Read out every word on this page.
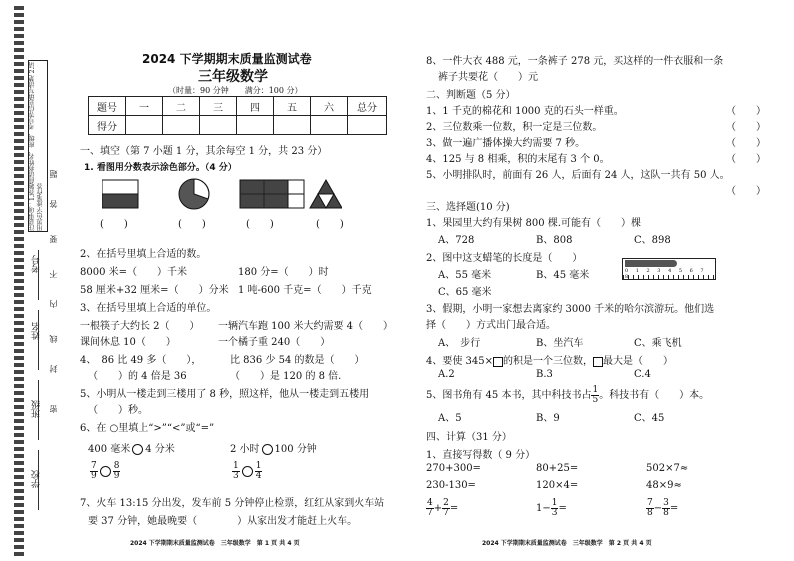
注意事项：1.答题前请将姓名、班级、考号等信息填写清楚 2.请用黑色字迹笔作答
考号
姓名
班级
学校
题
答
要
不
内
线
封
密
2024 下学期期末质量监测试卷
三年级数学
（时量：90 分钟　　满分：100 分）
题号	一	二	三	四	五	六	总分
得分							
一、填空（第 7 小题 1 分，其余每空 1 分，共 23 分）
1. 看图用分数表示涂色部分。（4 分）
(　　)	(　　)	(　　)	(　　)
2、在括号里填上合适的数。
8000 米=（　　）千米	180 分=（　　）时
58 厘米+32 厘米=（　　）分米 1 吨-600 千克=（　　）千克
3、在括号里填上合适的单位。
一根筷子大约长 2（　　） 一辆汽车跑 100 米大约需要 4（　　）
课间休息 10（　　）	一个橘子重 240（　　）
4、　86 比 49 多（　　），	比 836 少 54 的数是（　　）
（　　）的 4 倍是 36	（　　）是 120 的 8 倍.
5、小明从一楼走到三楼用了 8 秒，照这样，他从一楼走到五楼用
（　　）秒。
6、在 ○里填上“>”“<”或“=”
400 毫米 4 分米	2 小时 100 分钟
$\frac{7}{9} \frac{8}{9}$	$\frac{1}{3} \frac{1}{4}$
7、火车 13:15 分出发，发车前 5 分钟停止检票，红红从家到火车站
要 37 分钟，她最晚要（　　　　）从家出发才能赶上火车。
2024 下学期期末质量监测试卷　三年级数学　第 1 页 共 4 页
8、一件大衣 488 元，一条裤子 278 元，买这样的一件衣服和一条
裤子共要花（　　）元
二、判断题（5 分）
1、1 千克的棉花和 1000 克的石头一样重。	（　　）
2、三位数乘一位数，积一定是三位数。	（　　）
3、做一遍广播体操大约需要 7 秒。	（　　）
4、125 与 8 相乘，积的末尾有 3 个 0。	（　　）
5、小明排队时，前面有 26 人，后面有 24 人，这队一共有 50 人。
（　　）
三、选择题(10 分)
1、果园里大约有果树 800 棵.可能有（　　）棵
A、728	B、808	C、898
2、图中这支蜡笔的长度是（　　）
A、55 毫米	B、45 毫米
C、65 毫米
0 1 2 3 4 5 6 7 8
3、假期，小明一家想去离家约 3000 千米的哈尔滨游玩。他们选
择（　　）方式出门最合适。
A、　步行	B、坐汽车	C、乘飞机
4、要使 345× 的积是一个三位数， 最大是（　　）
A.2	B.3	C.4
5、图书角有 45 本书，其中科技书占 $\frac{1}{5}$ 。科技书有（　　）本。
A、5	B、9	C、45
四、计算（31 分）
1、直接写得数（ 9 分）
270+300=	80+25=	502×7≈
230-130=	120×4=	48×9≈
$\frac{4}{7} + \frac{2}{7}$ =	$1- \frac{1}{3}$ =	$\frac{7}{8} - \frac{3}{8}$ =
2024 下学期期末质量监测试卷　三年级数学　第 2 页 共 4 页
